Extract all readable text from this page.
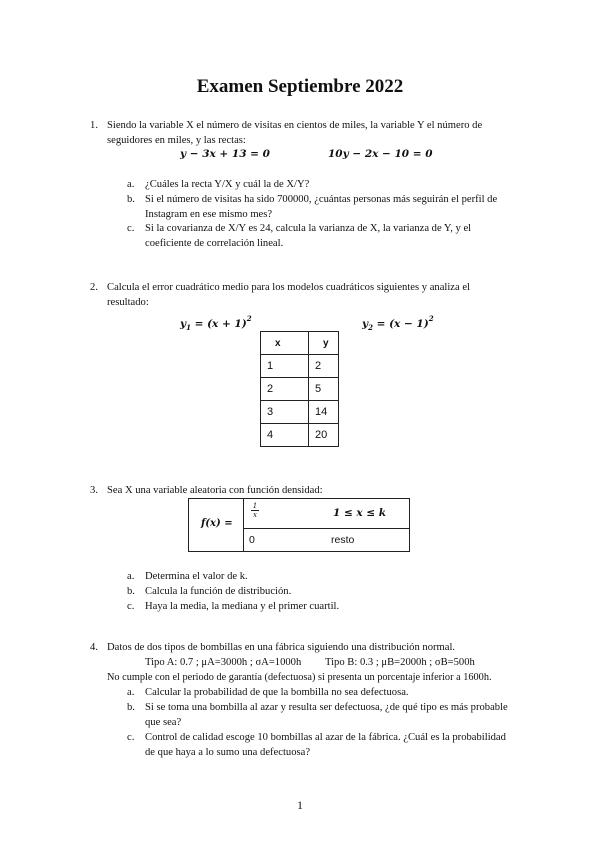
Examen Septiembre 2022
1. Siendo la variable X el número de visitas en cientos de miles, la variable Y el número de
seguidores en miles, y las rectas:
y − 3x + 13 = 0	10y − 2x − 10 = 0
a. ¿Cuáles la recta Y/X y cuál la de X/Y?
b. Si el número de visitas ha sido 700000, ¿cuántas personas más seguirán el perfil de
Instagram en ese mismo mes?
c. Si la covarianza de X/Y es 24, calcula la varianza de X, la varianza de Y, y el
coeficiente de correlación lineal.
2. Calcula el error cuadrático medio para los modelos cuadráticos siguientes y analiza el
resultado:
$y_1 = (x + 1)^2$	$y_2 = (x - 1)^2$
x	y
1	2
2	5
3	14
4	20
3. Sea X una variable aleatoria con función densidad:
f(x) =
$\frac{1}{x}$	1 ≤ x ≤ k
0	resto
a. Determina el valor de k.
b. Calcula la función de distribución.
c. Haya la media, la mediana y el primer cuartil.
4. Datos de dos tipos de bombillas en una fábrica siguiendo una distribución normal.
Tipo A: 0.7 ; μA=3000h ; σA=1000h Tipo B: 0.3 ; μB=2000h ; σB=500h
No cumple con el periodo de garantía (defectuosa) si presenta un porcentaje inferior a 1600h.
a. Calcular la probabilidad de que la bombilla no sea defectuosa.
b. Si se toma una bombilla al azar y resulta ser defectuosa, ¿de qué tipo es más probable
que sea?
c. Control de calidad escoge 10 bombillas al azar de la fábrica. ¿Cuál es la probabilidad
de que haya a lo sumo una defectuosa?
1
